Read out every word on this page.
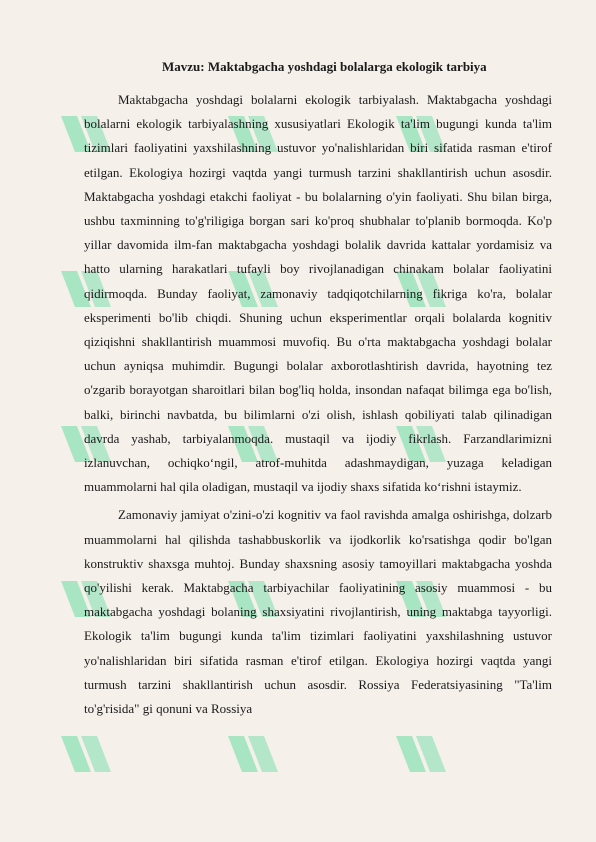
Mavzu: Maktabgacha yoshdagi bolalarga ekologik tarbiya

Maktabgacha yoshdagi bolalarni ekologik tarbiyalash. Maktabgacha yoshdagi bolalarni ekologik tarbiyalashning xususiyatlari Ekologik ta'lim bugungi kunda ta'lim tizimlari faoliyatini yaxshilashning ustuvor yo'nalishlaridan biri sifatida rasman e'tirof etilgan. Ekologiya hozirgi vaqtda yangi turmush tarzini shakllantirish uchun asosdir. Maktabgacha yoshdagi etakchi faoliyat - bu bolalarning o'yin faoliyati. Shu bilan birga, ushbu taxminning to'g'riligiga borgan sari ko'proq shubhalar to'planib bormoqda. Ko'p yillar davomida ilm-fan maktabgacha yoshdagi bolalik davrida kattalar yordamisiz va hatto ularning harakatlari tufayli boy rivojlanadigan chinakam bolalar faoliyatini qidirmoqda. Bunday faoliyat, zamonaviy tadqiqotchilarning fikriga ko'ra, bolalar eksperimenti bo'lib chiqdi. Shuning uchun eksperimentlar orqali bolalarda kognitiv qiziqishni shakllantirish muammosi muvofiq. Bu o'rta maktabgacha yoshdagi bolalar uchun ayniqsa muhimdir. Bugungi bolalar axborotlashtirish davrida, hayotning tez o'zgarib borayotgan sharoitlari bilan bog'liq holda, insondan nafaqat bilimga ega bo'lish, balki, birinchi navbatda, bu bilimlarni o'zi olish, ishlash qobiliyati talab qilinadigan davrda yashab, tarbiyalanmoqda. mustaqil va ijodiy fikrlash. Farzandlarimizni izlanuvchan, ochiqko‘ngil, atrof-muhitda adashmaydigan, yuzaga keladigan muammolarni hal qila oladigan, mustaqil va ijodiy shaxs sifatida ko‘rishni istaymiz.

Zamonaviy jamiyat o'zini-o'zi kognitiv va faol ravishda amalga oshirishga, dolzarb muammolarni hal qilishda tashabbuskorlik va ijodkorlik ko'rsatishga qodir bo'lgan konstruktiv shaxsga muhtoj. Bunday shaxsning asosiy tamoyillari maktabgacha yoshda qo'yilishi kerak. Maktabgacha tarbiyachilar faoliyatining asosiy muammosi - bu maktabgacha yoshdagi bolaning shaxsiyatini rivojlantirish, uning maktabga tayyorligi. Ekologik ta'lim bugungi kunda ta'lim tizimlari faoliyatini yaxshilashning ustuvor yo'nalishlaridan biri sifatida rasman e'tirof etilgan. Ekologiya hozirgi vaqtda yangi turmush tarzini shakllantirish uchun asosdir. Rossiya Federatsiyasining "Ta'lim to'g'risida" gi qonuni va Rossiya
